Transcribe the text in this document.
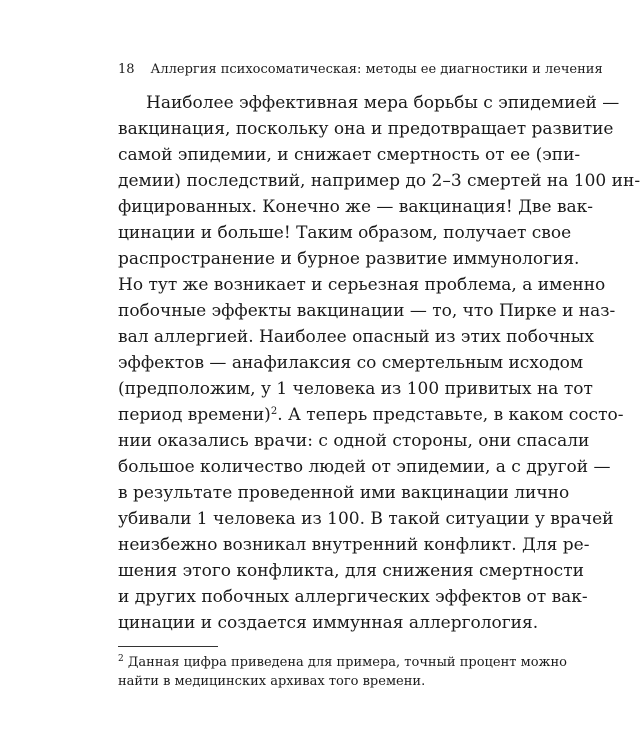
18 Аллергия психосоматическая: методы ее диагностики и лечения
Наиболее эффективная мера борьбы с эпидемией —
вакцинация, поскольку она и предотвращает развитие
самой эпидемии, и снижает смертность от ее (эпи-
демии) последствий, например до 2–3 смертей на 100 ин-
фицированных. Конечно же — вакцинация! Две вак-
цинации и больше! Таким образом, получает свое
распространение и бурное развитие иммунология.
Но тут же возникает и серьезная проблема, а именно
побочные эффекты вакцинации — то, что Пирке и наз-
вал аллергией. Наиболее опасный из этих побочных
эффектов — анафилаксия со смертельным исходом
(предположим, у 1 человека из 100 привитых на тот
период времени)$^2$. А теперь представьте, в каком состо-
нии оказались врачи: с одной стороны, они спасали
большое количество людей от эпидемии, а с другой —
в результате проведенной ими вакцинации лично
убивали 1 человека из 100. В такой ситуации у врачей
неизбежно возникал внутренний конфликт. Для ре-
шения этого конфликта, для снижения смертности
и других побочных аллергических эффектов от вак-
цинации и создается иммунная аллергология.
$^2$ Данная цифра приведена для примера, точный процент можно
найти в медицинских архивах того времени.
